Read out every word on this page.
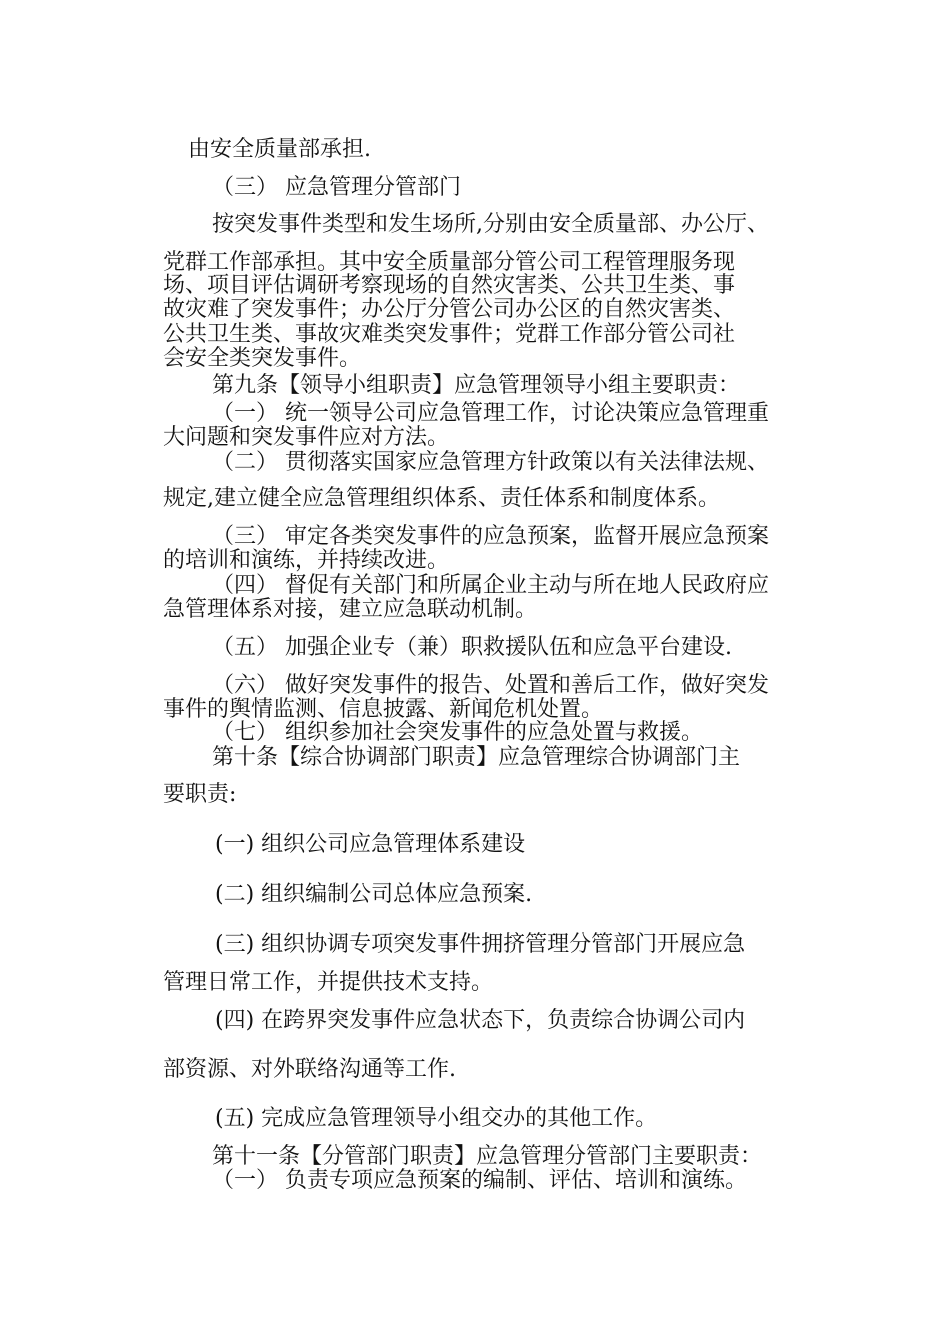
由安全质量部承担.
（三） 应急管理分管部门
按突发事件类型和发生场所,分别由安全质量部、办公厅、
党群工作部承担。其中安全质量部分管公司工程管理服务现
场、项目评估调研考察现场的自然灾害类、公共卫生类、事
故灾难了突发事件；办公厅分管公司办公区的自然灾害类、
公共卫生类、事故灾难类突发事件；党群工作部分管公司社
会安全类突发事件。
第九条【领导小组职责】应急管理领导小组主要职责：
（一） 统一领导公司应急管理工作，讨论决策应急管理重
大问题和突发事件应对方法。
（二） 贯彻落实国家应急管理方针政策以有关法律法规、
规定,建立健全应急管理组织体系、责任体系和制度体系。
（三） 审定各类突发事件的应急预案，监督开展应急预案
的培训和演练，并持续改进。
（四） 督促有关部门和所属企业主动与所在地人民政府应
急管理体系对接，建立应急联动机制。
（五） 加强企业专（兼）职救援队伍和应急平台建设.
（六） 做好突发事件的报告、处置和善后工作，做好突发
事件的舆情监测、信息披露、新闻危机处置。
（七） 组织参加社会突发事件的应急处置与救援。
第十条【综合协调部门职责】应急管理综合协调部门主
要职责:
(一) 组织公司应急管理体系建设
(二) 组织编制公司总体应急预案.
(三) 组织协调专项突发事件拥挤管理分管部门开展应急
管理日常工作，并提供技术支持。
(四) 在跨界突发事件应急状态下，负责综合协调公司内
部资源、对外联络沟通等工作.
(五) 完成应急管理领导小组交办的其他工作。
第十一条【分管部门职责】应急管理分管部门主要职责：
（一） 负责专项应急预案的编制、评估、培训和演练。
